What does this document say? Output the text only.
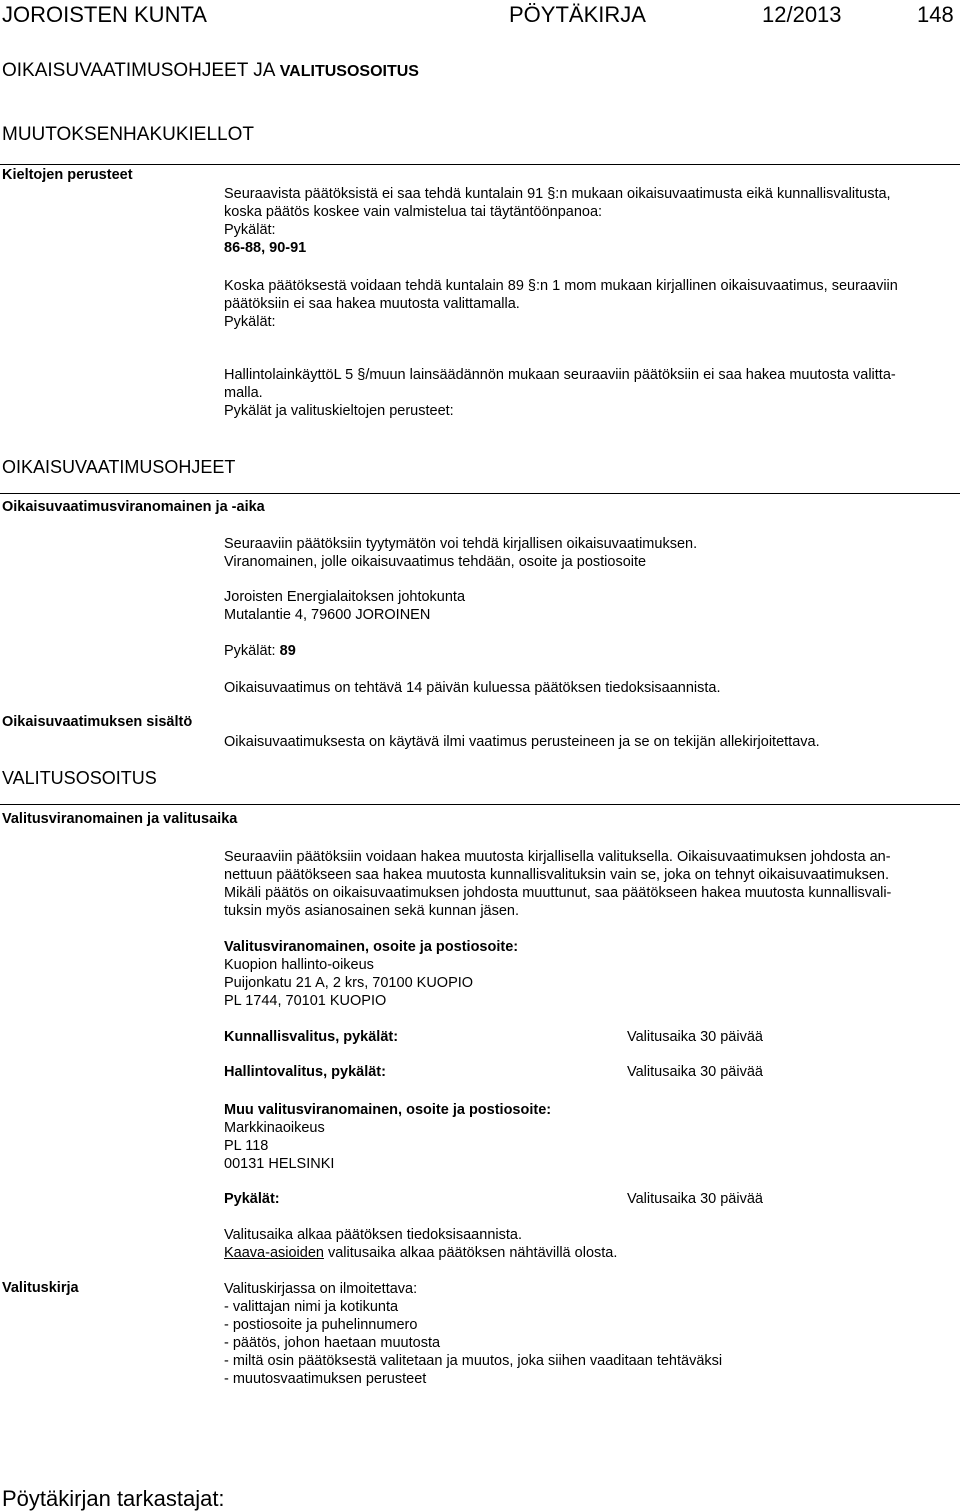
JOROISTEN KUNTA	PÖYTÄKIRJA	12/2013	148
OIKAISUVAATIMUSOHJEET JA VALITUSOSOITUS
MUUTOKSENHAKUKIELLOT
Kieltojen perusteet
Seuraavista päätöksistä ei saa tehdä kuntalain 91 §:n mukaan oikaisuvaatimusta eikä kunnallisvalitusta,
koska päätös koskee vain valmistelua tai täytäntöönpanoa:
Pykälät:
86-88, 90-91
Koska päätöksestä voidaan tehdä kuntalain 89 §:n 1 mom mukaan kirjallinen oikaisuvaatimus, seuraaviin
päätöksiin ei saa hakea muutosta valittamalla.
Pykälät:
HallintolainkäyttöL 5 §/muun lainsäädännön mukaan seuraaviin päätöksiin ei saa hakea muutosta valitta-
malla.
Pykälät ja valituskieltojen perusteet:
OIKAISUVAATIMUSOHJEET
Oikaisuvaatimusviranomainen ja -aika
Seuraaviin päätöksiin tyytymätön voi tehdä kirjallisen oikaisuvaatimuksen.
Viranomainen, jolle oikaisuvaatimus tehdään, osoite ja postiosoite
Joroisten Energialaitoksen johtokunta
Mutalantie 4, 79600 JOROINEN
Pykälät: 89
Oikaisuvaatimus on tehtävä 14 päivän kuluessa päätöksen tiedoksisaannista.
Oikaisuvaatimuksen sisältö
Oikaisuvaatimuksesta on käytävä ilmi vaatimus perusteineen ja se on tekijän allekirjoitettava.
VALITUSOSOITUS
Valitusviranomainen ja valitusaika
Seuraaviin päätöksiin voidaan hakea muutosta kirjallisella valituksella. Oikaisuvaatimuksen johdosta an-
nettuun päätökseen saa hakea muutosta kunnallisvalituksin vain se, joka on tehnyt oikaisuvaatimuksen.
Mikäli päätös on oikaisuvaatimuksen johdosta muuttunut, saa päätökseen hakea muutosta kunnallisvali-
tuksin myös asianosainen sekä kunnan jäsen.
Valitusviranomainen, osoite ja postiosoite:
Kuopion hallinto-oikeus
Puijonkatu 21 A, 2 krs, 70100 KUOPIO
PL 1744, 70101 KUOPIO
Kunnallisvalitus, pykälät:	Valitusaika 30 päivää
Hallintovalitus, pykälät:	Valitusaika 30 päivää
Muu valitusviranomainen, osoite ja postiosoite:
Markkinaoikeus
PL 118
00131 HELSINKI
Pykälät:	Valitusaika 30 päivää
Valitusaika alkaa päätöksen tiedoksisaannista.
Kaava-asioiden valitusaika alkaa päätöksen nähtävillä olosta.
Valituskirja	Valituskirjassa on ilmoitettava:
- valittajan nimi ja kotikunta
- postiosoite ja puhelinnumero
- päätös, johon haetaan muutosta
- miltä osin päätöksestä valitetaan ja muutos, joka siihen vaaditaan tehtäväksi
- muutosvaatimuksen perusteet
Pöytäkirjan tarkastajat:
